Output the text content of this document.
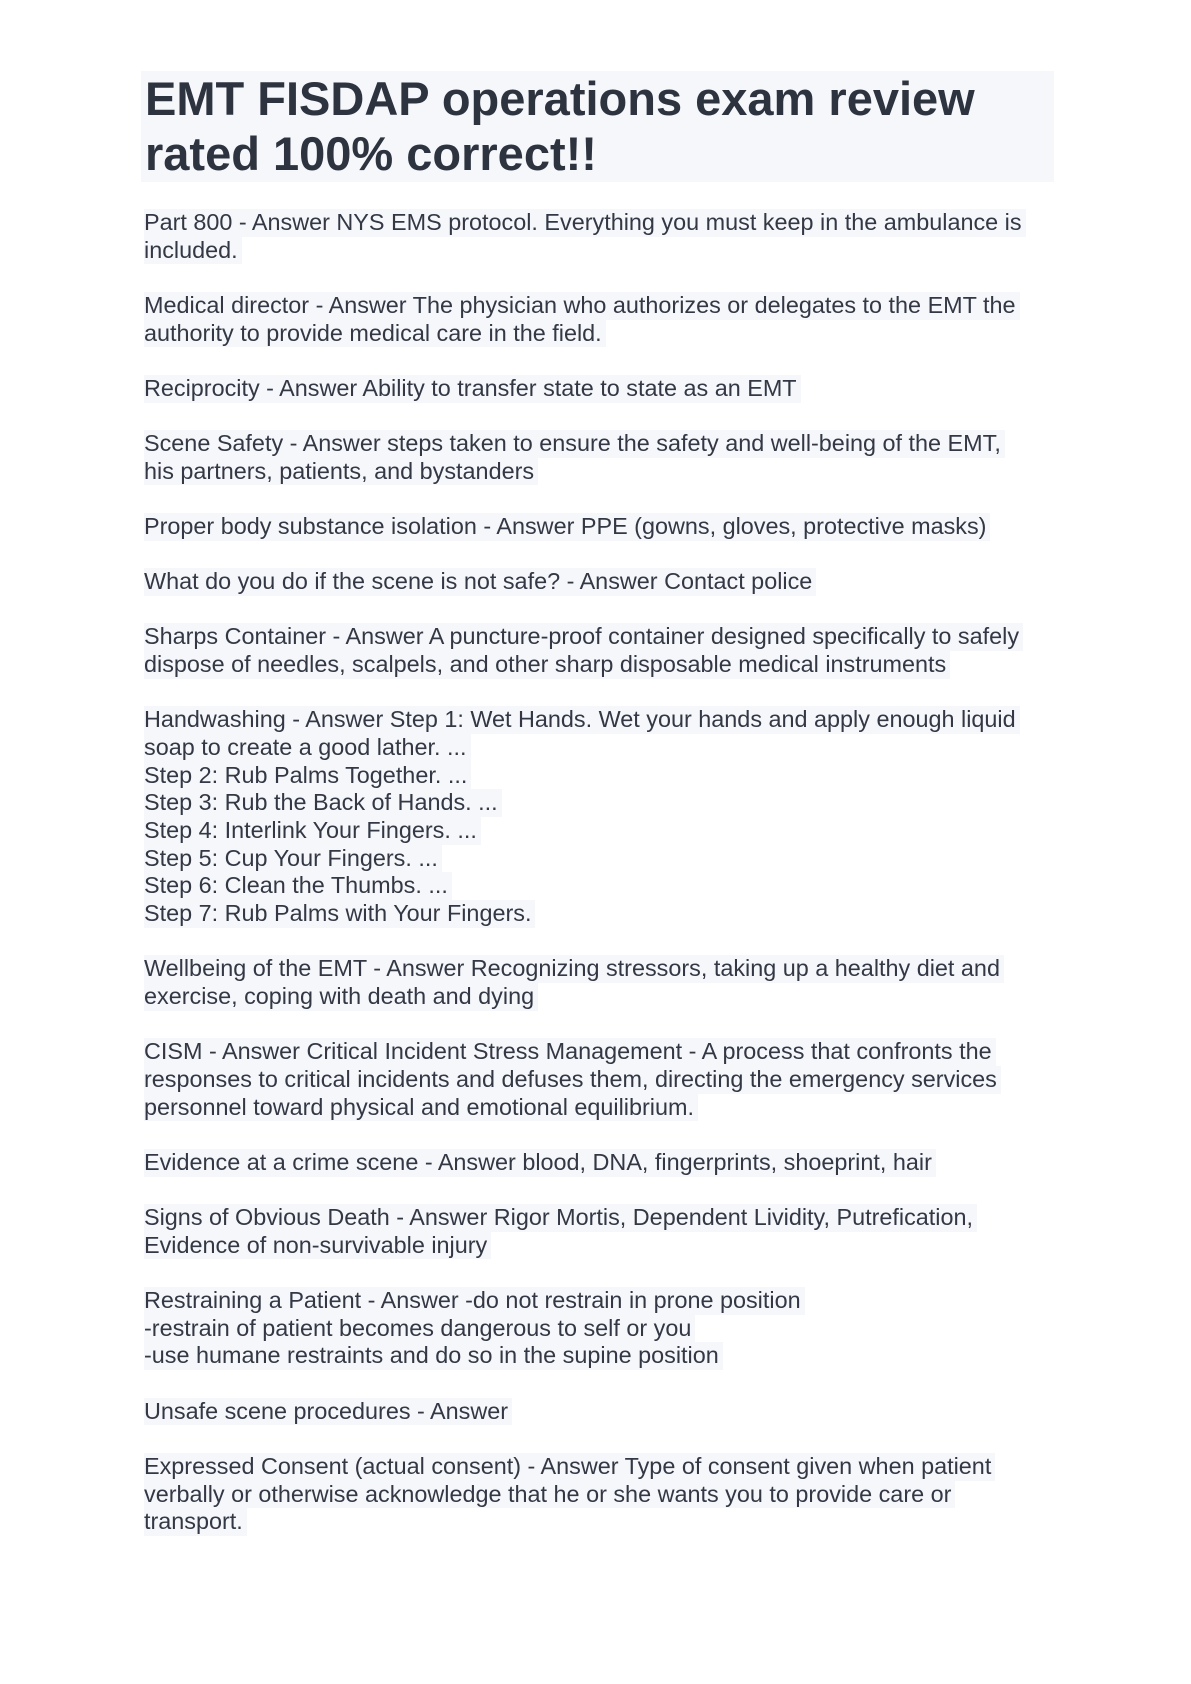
EMT FISDAP operations exam review
rated 100% correct!!
Part 800 - Answer NYS EMS protocol. Everything you must keep in the ambulance is
included.
Medical director - Answer The physician who authorizes or delegates to the EMT the
authority to provide medical care in the field.
Reciprocity - Answer Ability to transfer state to state as an EMT
Scene Safety - Answer steps taken to ensure the safety and well-being of the EMT,
his partners, patients, and bystanders
Proper body substance isolation - Answer PPE (gowns, gloves, protective masks)
What do you do if the scene is not safe? - Answer Contact police
Sharps Container - Answer A puncture-proof container designed specifically to safely
dispose of needles, scalpels, and other sharp disposable medical instruments
Handwashing - Answer Step 1: Wet Hands. Wet your hands and apply enough liquid
soap to create a good lather. ...
Step 2: Rub Palms Together. ...
Step 3: Rub the Back of Hands. ...
Step 4: Interlink Your Fingers. ...
Step 5: Cup Your Fingers. ...
Step 6: Clean the Thumbs. ...
Step 7: Rub Palms with Your Fingers.
Wellbeing of the EMT - Answer Recognizing stressors, taking up a healthy diet and
exercise, coping with death and dying
CISM - Answer Critical Incident Stress Management - A process that confronts the
responses to critical incidents and defuses them, directing the emergency services
personnel toward physical and emotional equilibrium.
Evidence at a crime scene - Answer blood, DNA, fingerprints, shoeprint, hair
Signs of Obvious Death - Answer Rigor Mortis, Dependent Lividity, Putrefication,
Evidence of non-survivable injury
Restraining a Patient - Answer -do not restrain in prone position
-restrain of patient becomes dangerous to self or you
-use humane restraints and do so in the supine position
Unsafe scene procedures - Answer
Expressed Consent (actual consent) - Answer Type of consent given when patient
verbally or otherwise acknowledge that he or she wants you to provide care or
transport.
